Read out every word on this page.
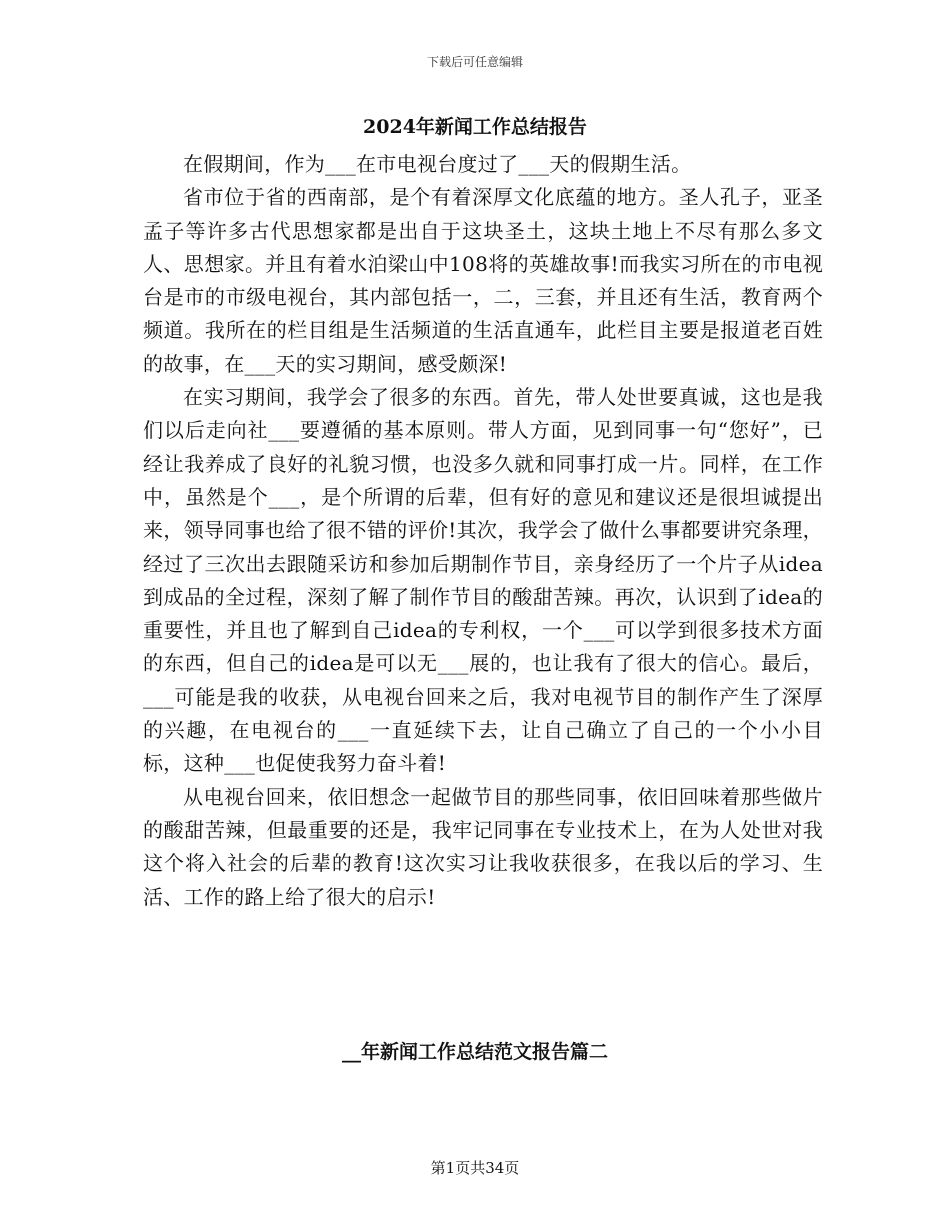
下载后可任意编辑
2024年新闻工作总结报告

在假期间，作为___在市电视台度过了___天的假期生活。

省市位于省的西南部，是个有着深厚文化底蕴的地方。圣人孔子，亚圣孟子等许多古代思想家都是出自于这块圣土，这块土地上不尽有那么多文人、思想家。并且有着水泊梁山中108将的英雄故事!而我实习所在的市电视台是市的市级电视台，其内部包括一，二，三套，并且还有生活，教育两个频道。我所在的栏目组是生活频道的生活直通车，此栏目主要是报道老百姓的故事，在___天的实习期间，感受颇深!

在实习期间，我学会了很多的东西。首先，带人处世要真诚，这也是我们以后走向社___要遵循的基本原则。带人方面，见到同事一句“您好”，已经让我养成了良好的礼貌习惯，也没多久就和同事打成一片。同样，在工作中，虽然是个___，是个所谓的后辈，但有好的意见和建议还是很坦诚提出来，领导同事也给了很不错的评价!其次，我学会了做什么事都要讲究条理，经过了三次出去跟随采访和参加后期制作节目，亲身经历了一个片子从idea到成品的全过程，深刻了解了制作节目的酸甜苦辣。再次，认识到了idea的重要性，并且也了解到自己idea的专利权，一个___可以学到很多技术方面的东西，但自己的idea是可以无___展的，也让我有了很大的信心。最后，___可能是我的收获，从电视台回来之后，我对电视节目的制作产生了深厚的兴趣，在电视台的___一直延续下去，让自己确立了自己的一个小小目标，这种___也促使我努力奋斗着!

从电视台回来，依旧想念一起做节目的那些同事，依旧回味着那些做片的酸甜苦辣，但最重要的还是，我牢记同事在专业技术上，在为人处世对我这个将入社会的后辈的教育!这次实习让我收获很多，在我以后的学习、生活、工作的路上给了很大的启示!

__年新闻工作总结范文报告篇二
第1页共34页
